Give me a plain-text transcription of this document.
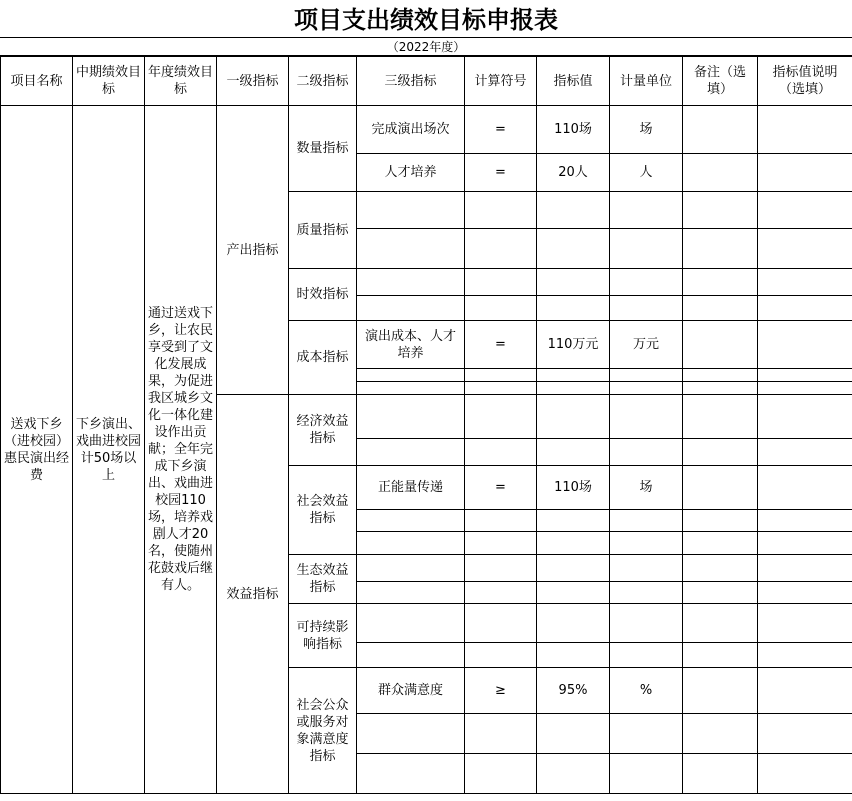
项目支出绩效目标申报表
（2022年度）
项目名称	中期绩效目标	年度绩效目标	一级指标	二级指标	三级指标	计算符号	指标值	计量单位	备注（选填）	指标值说明（选填）
送戏下乡（进校园）惠民演出经费	下乡演出、戏曲进校园计50场以上	通过送戏下乡，让农民享受到了文化发展成果，为促进我区城乡文化一体化建设作出贡献；全年完成下乡演出、戏曲进校园110场，培养戏剧人才20名，使随州花鼓戏后继有人。	产出指标	数量指标	完成演出场次	=	110场	场		
					人才培养	=	20人	人		
				质量指标						

				时效指标						

				成本指标	演出成本、人才培养	=	110万元	万元		

			效益指标	经济效益指标						

				社会效益指标	正能量传递	=	110场	场		

				生态效益指标						

				可持续影响指标						

				社会公众或服务对象满意度指标	群众满意度	≥	95%	%		
